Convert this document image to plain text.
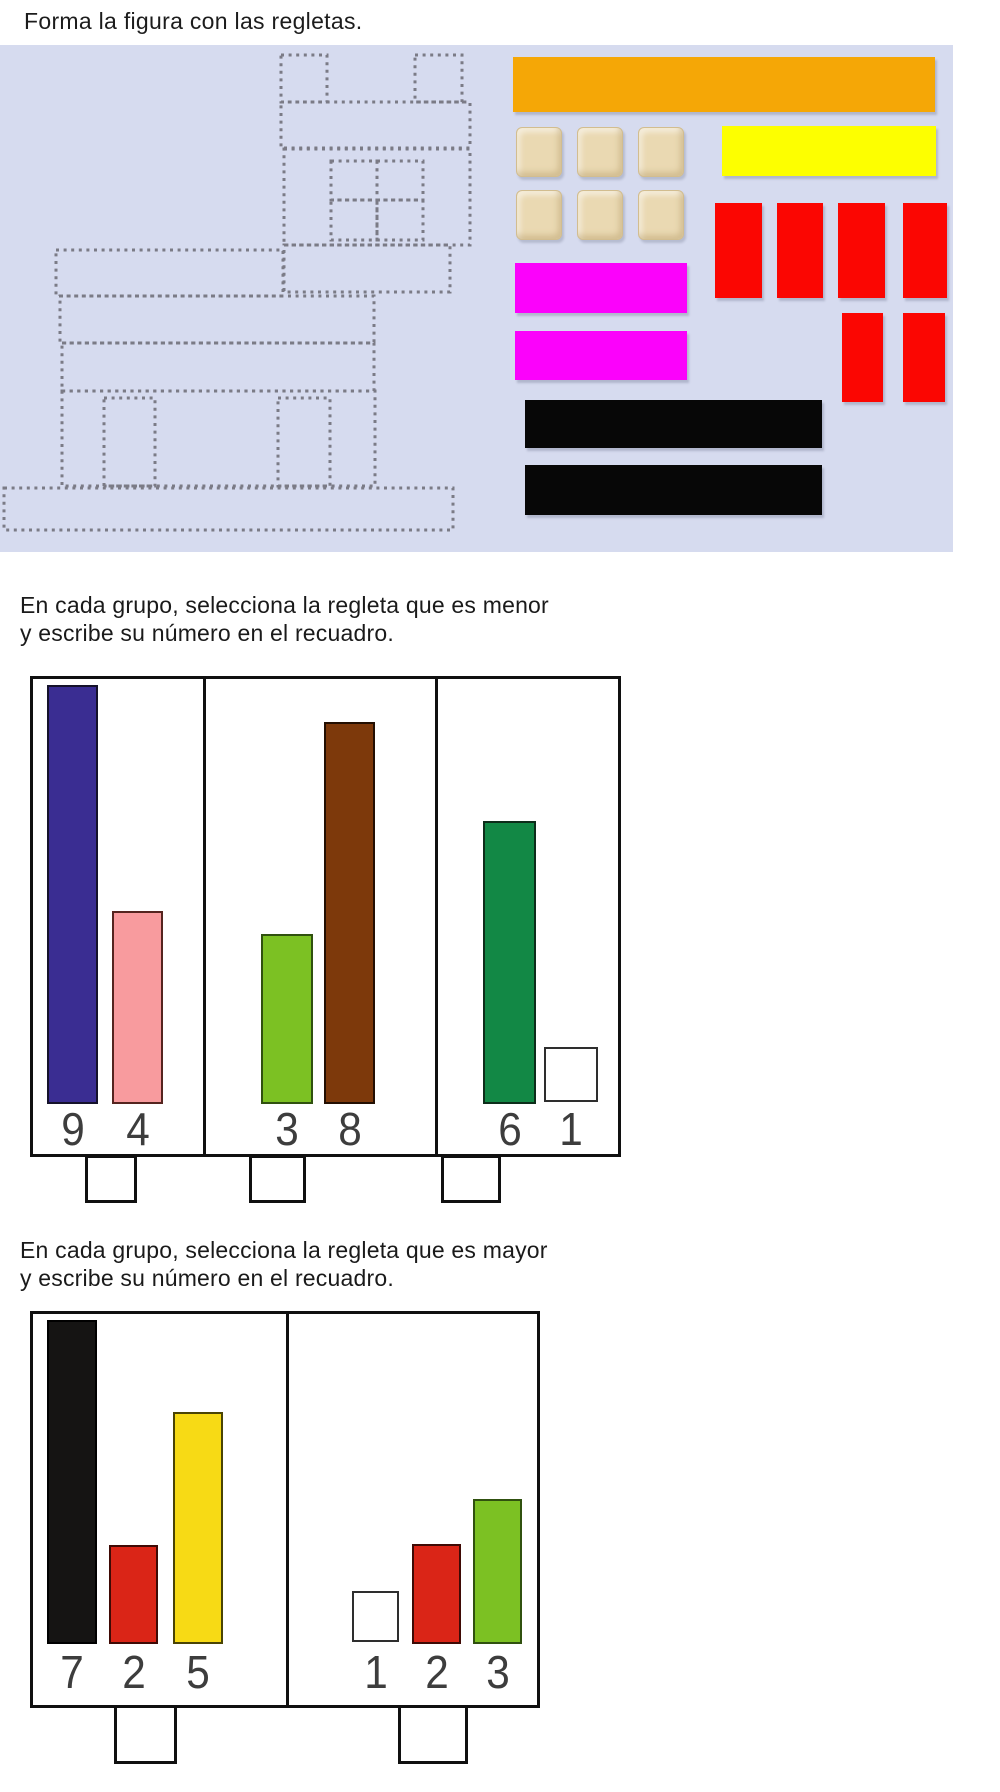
Forma la figura con las regletas.
En cada grupo, selecciona la regleta que es menor
y escribe su número en el recuadro.
En cada grupo, selecciona la regleta que es mayor
y escribe su número en el recuadro.
9 4	3 8	6 1
7 2 5	1 2 3
